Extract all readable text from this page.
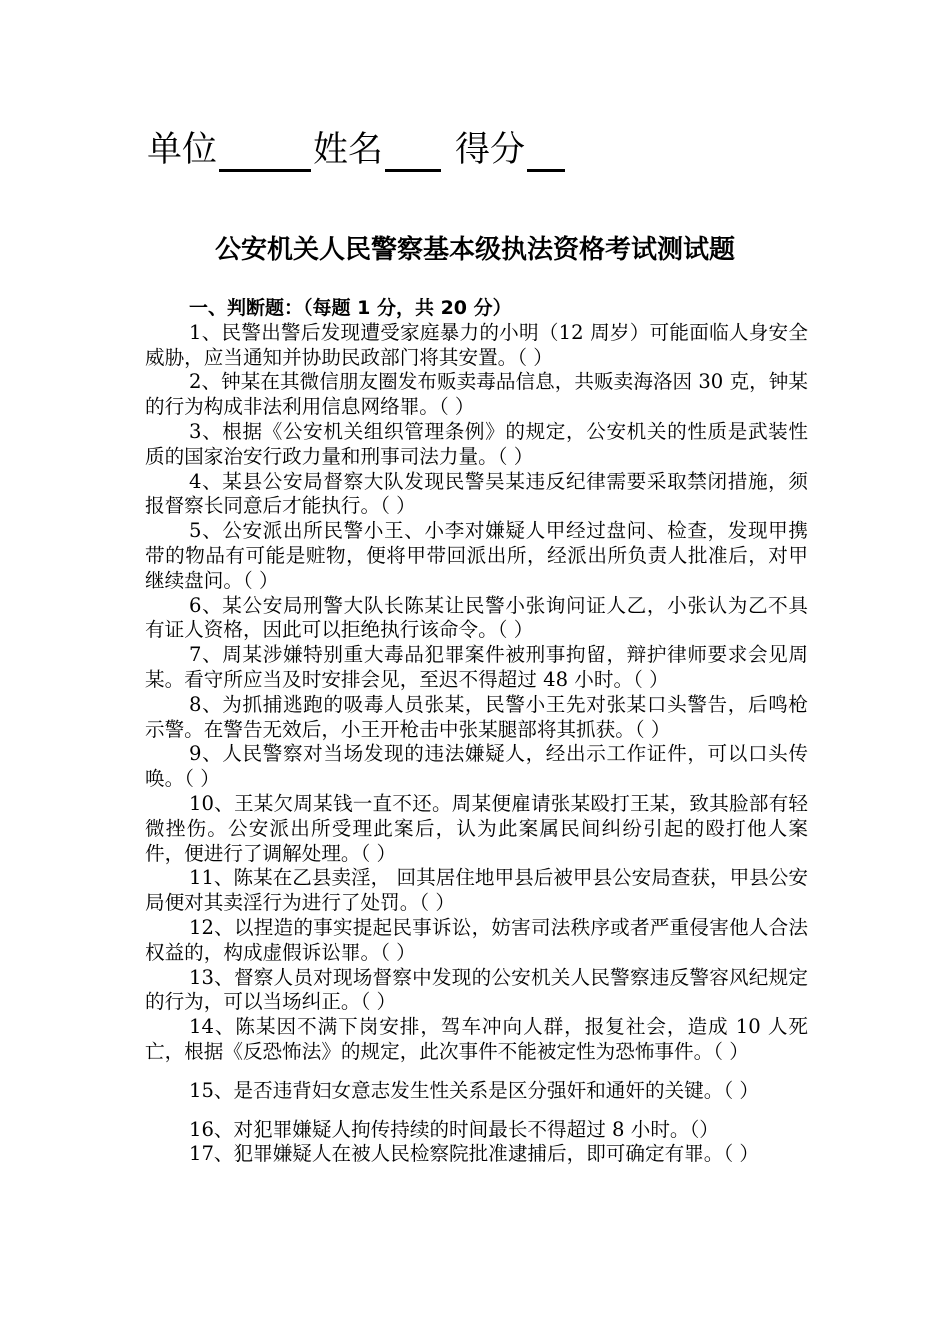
单位	姓名 得分
公安机关人民警察基本级执法资格考试测试题
一、判断题：（每题 1 分，共 20 分）

1、民警出警后发现遭受家庭暴力的小明（12 周岁）可能面临人身安全威胁，应当通知并协助民政部门将其安置。（ ）

2、钟某在其微信朋友圈发布贩卖毒品信息，共贩卖海洛因 30 克，钟某的行为构成非法利用信息网络罪。（ ）

3、根据《公安机关组织管理条例》的规定，公安机关的性质是武装性质的国家治安行政力量和刑事司法力量。（ ）

4、某县公安局督察大队发现民警吴某违反纪律需要采取禁闭措施，须报督察长同意后才能执行。（ ）

5、公安派出所民警小王、小李对嫌疑人甲经过盘问、检查，发现甲携带的物品有可能是赃物，便将甲带回派出所，经派出所负责人批准后，对甲继续盘问。（ ）

6、某公安局刑警大队长陈某让民警小张询问证人乙，小张认为乙不具有证人资格，因此可以拒绝执行该命令。（ ）

7、周某涉嫌特别重大毒品犯罪案件被刑事拘留，辩护律师要求会见周某。看守所应当及时安排会见，至迟不得超过 48 小时。（ ）

8、为抓捕逃跑的吸毒人员张某，民警小王先对张某口头警告，后鸣枪示警。在警告无效后，小王开枪击中张某腿部将其抓获。（ ）

9、人民警察对当场发现的违法嫌疑人，经出示工作证件，可以口头传唤。（ ）

10、王某欠周某钱一直不还。周某便雇请张某殴打王某，致其脸部有轻微挫伤。公安派出所受理此案后，认为此案属民间纠纷引起的殴打他人案件，便进行了调解处理。（ ）

11、陈某在乙县卖淫， 回其居住地甲县后被甲县公安局查获，甲县公安局便对其卖淫行为进行了处罚。（ ）

12、以捏造的事实提起民事诉讼，妨害司法秩序或者严重侵害他人合法权益的，构成虚假诉讼罪。（ ）

13、督察人员对现场督察中发现的公安机关人民警察违反警容风纪规定的行为，可以当场纠正。（ ）

14、陈某因不满下岗安排，驾车冲向人群，报复社会，造成 10 人死亡，根据《反恐怖法》的规定，此次事件不能被定性为恐怖事件。（ ）

15、是否违背妇女意志发生性关系是区分强奸和通奸的关键。（ ）

16、对犯罪嫌疑人拘传持续的时间最长不得超过 8 小时。（）

17、犯罪嫌疑人在被人民检察院批准逮捕后，即可确定有罪。（ ）
